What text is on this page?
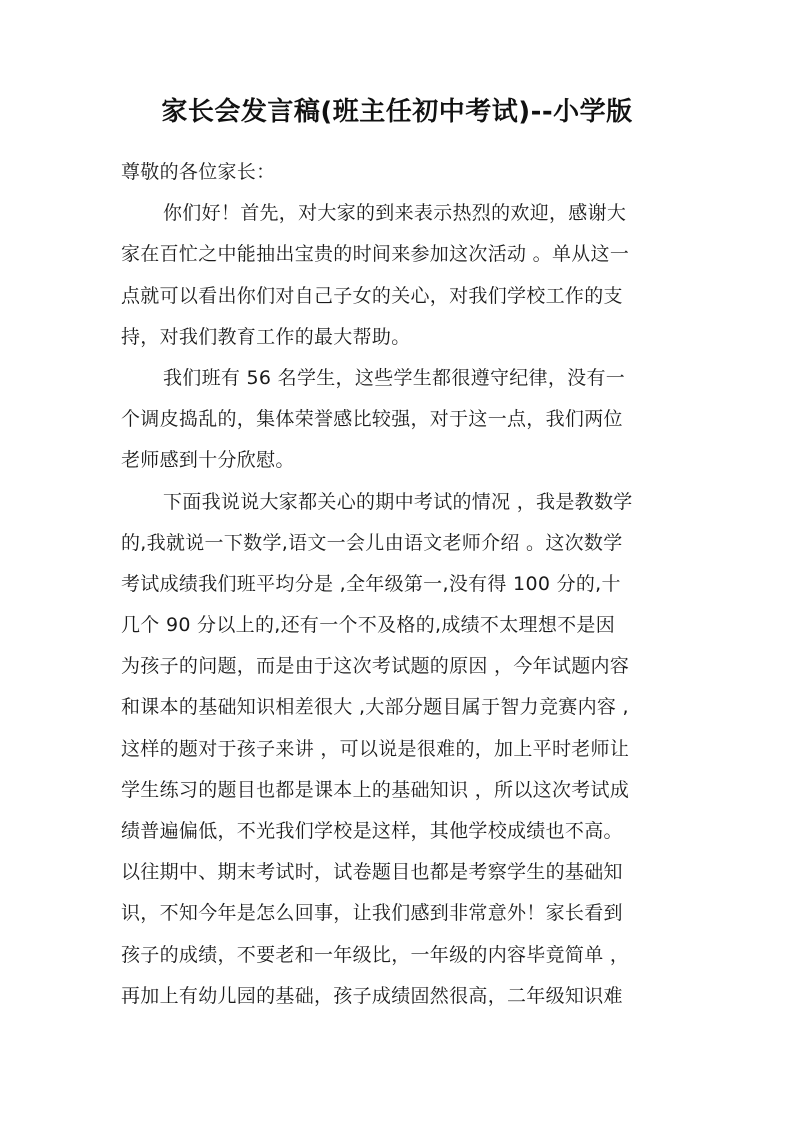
家长会发言稿(班主任初中考试)--小学版
尊敬的各位家长：
你们好！首先，对大家的到来表示热烈的欢迎，感谢大
家在百忙之中能抽出宝贵的时间来参加这次活动 。单从这一
点就可以看出你们对自己子女的关心，对我们学校工作的支
持，对我们教育工作的最大帮助。
我们班有 56 名学生，这些学生都很遵守纪律，没有一
个调皮捣乱的，集体荣誉感比较强，对于这一点，我们两位
老师感到十分欣慰。
下面我说说大家都关心的期中考试的情况 ，我是教数学
的,我就说一下数学,语文一会儿由语文老师介绍 。这次数学
考试成绩我们班平均分是 ,全年级第一,没有得 100 分的,十
几个 90 分以上的,还有一个不及格的,成绩不太理想不是因
为孩子的问题，而是由于这次考试题的原因 ，今年试题内容
和课本的基础知识相差很大 ,大部分题目属于智力竞赛内容 ,
这样的题对于孩子来讲 ，可以说是很难的，加上平时老师让
学生练习的题目也都是课本上的基础知识 ，所以这次考试成
绩普遍偏低，不光我们学校是这样，其他学校成绩也不高。
以往期中、期末考试时，试卷题目也都是考察学生的基础知
识，不知今年是怎么回事，让我们感到非常意外！家长看到
孩子的成绩，不要老和一年级比，一年级的内容毕竟简单 ，
再加上有幼儿园的基础，孩子成绩固然很高，二年级知识难
